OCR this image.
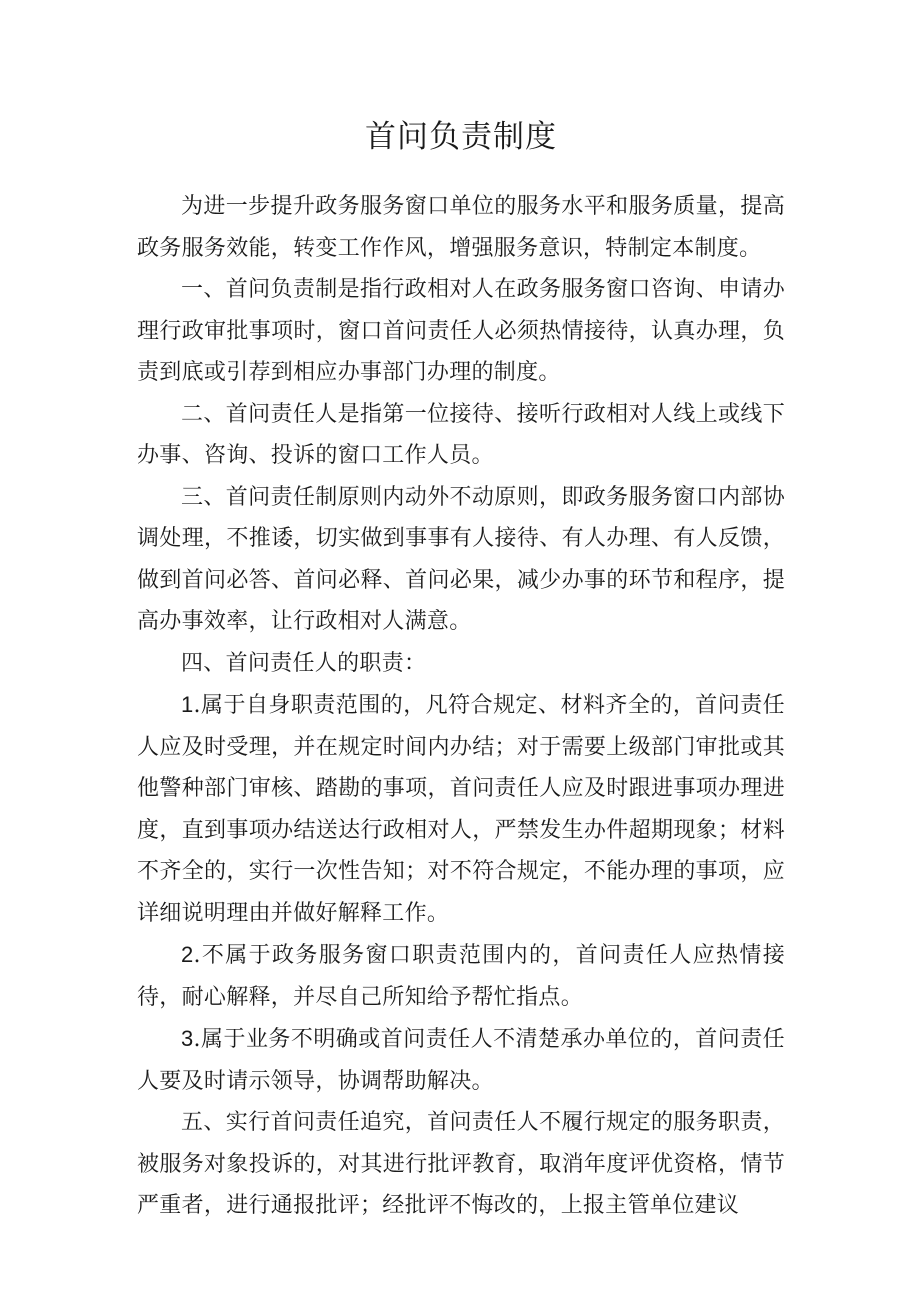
首问负责制度

为进一步提升政务服务窗口单位的服务水平和服务质量，提高政务服务效能，转变工作作风，增强服务意识，特制定本制度。

一、首问负责制是指行政相对人在政务服务窗口咨询、申请办理行政审批事项时，窗口首问责任人必须热情接待，认真办理，负责到底或引荐到相应办事部门办理的制度。

二、首问责任人是指第一位接待、接听行政相对人线上或线下办事、咨询、投诉的窗口工作人员。

三、首问责任制原则内动外不动原则，即政务服务窗口内部协调处理，不推诿，切实做到事事有人接待、有人办理、有人反馈，做到首问必答、首问必释、首问必果，减少办事的环节和程序，提高办事效率，让行政相对人满意。

四、首问责任人的职责：

1.属于自身职责范围的，凡符合规定、材料齐全的，首问责任人应及时受理，并在规定时间内办结；对于需要上级部门审批或其他警种部门审核、踏勘的事项，首问责任人应及时跟进事项办理进度，直到事项办结送达行政相对人，严禁发生办件超期现象；材料不齐全的，实行一次性告知；对不符合规定，不能办理的事项，应详细说明理由并做好解释工作。

2.不属于政务服务窗口职责范围内的，首问责任人应热情接待，耐心解释，并尽自己所知给予帮忙指点。

3.属于业务不明确或首问责任人不清楚承办单位的，首问责任人要及时请示领导，协调帮助解决。

五、实行首问责任追究，首问责任人不履行规定的服务职责，被服务对象投诉的，对其进行批评教育，取消年度评优资格，情节严重者，进行通报批评；经批评不悔改的，上报主管单位建议
